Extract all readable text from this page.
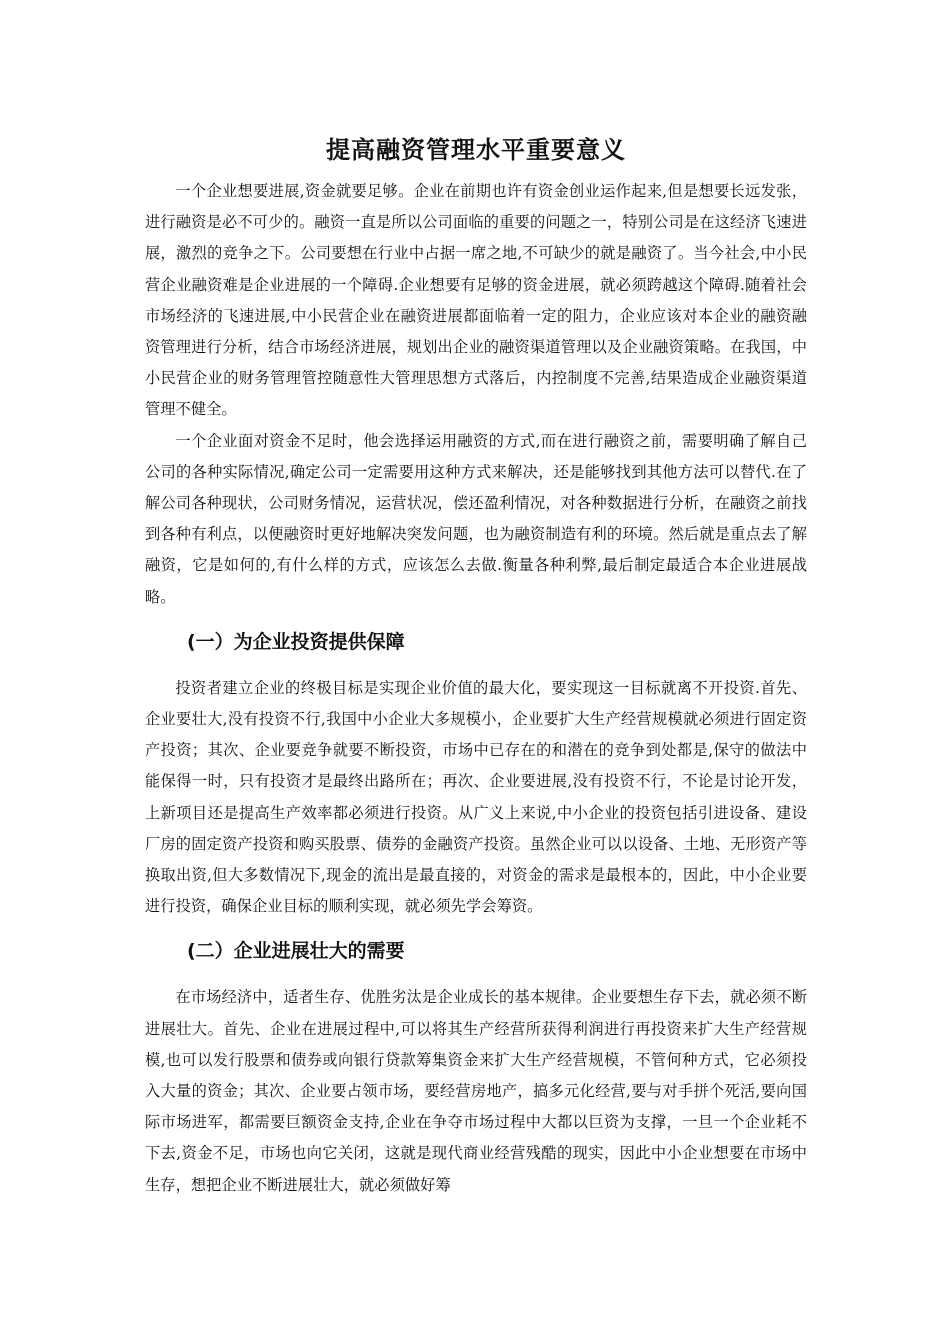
提高融资管理水平重要意义

一个企业想要进展,资金就要足够。企业在前期也许有资金创业运作起来,但是想要长远发张，进行融资是必不可少的。融资一直是所以公司面临的重要的问题之一，特别公司是在这经济飞速进展，激烈的竞争之下。公司要想在行业中占据一席之地,不可缺少的就是融资了。当今社会,中小民营企业融资难是企业进展的一个障碍.企业想要有足够的资金进展，就必须跨越这个障碍.随着社会市场经济的飞速进展,中小民营企业在融资进展都面临着一定的阻力，企业应该对本企业的融资融资管理进行分析，结合市场经济进展，规划出企业的融资渠道管理以及企业融资策略。在我国，中小民营企业的财务管理管控随意性大管理思想方式落后，内控制度不完善,结果造成企业融资渠道管理不健全。

一个企业面对资金不足时，他会选择运用融资的方式,而在进行融资之前，需要明确了解自己公司的各种实际情况,确定公司一定需要用这种方式来解决，还是能够找到其他方法可以替代.在了解公司各种现状，公司财务情况，运营状况，偿还盈利情况，对各种数据进行分析，在融资之前找到各种有利点，以便融资时更好地解决突发问题，也为融资制造有利的环境。然后就是重点去了解融资，它是如何的,有什么样的方式，应该怎么去做.衡量各种利弊,最后制定最适合本企业进展战略。

(一）为企业投资提供保障

投资者建立企业的终极目标是实现企业价值的最大化，要实现这一目标就离不开投资.首先、企业要壮大,没有投资不行,我国中小企业大多规模小，企业要扩大生产经营规模就必须进行固定资产投资；其次、企业要竞争就要不断投资，市场中已存在的和潜在的竞争到处都是,保守的做法中能保得一时，只有投资才是最终出路所在；再次、企业要进展,没有投资不行，不论是讨论开发，上新项目还是提高生产效率都必须进行投资。从广义上来说,中小企业的投资包括引进设备、建设厂房的固定资产投资和购买股票、债券的金融资产投资。虽然企业可以以设备、土地、无形资产等换取出资,但大多数情况下,现金的流出是最直接的，对资金的需求是最根本的，因此，中小企业要进行投资，确保企业目标的顺利实现，就必须先学会筹资。

(二）企业进展壮大的需要

在市场经济中，适者生存、优胜劣汰是企业成长的基本规律。企业要想生存下去，就必须不断进展壮大。首先、企业在进展过程中,可以将其生产经营所获得利润进行再投资来扩大生产经营规模,也可以发行股票和债券或向银行贷款筹集资金来扩大生产经营规模，不管何种方式，它必须投入大量的资金；其次、企业要占领市场，要经营房地产，搞多元化经营,要与对手拼个死活,要向国际市场进军，都需要巨额资金支持,企业在争夺市场过程中大都以巨资为支撑，一旦一个企业耗不下去,资金不足，市场也向它关闭，这就是现代商业经营残酷的现实，因此中小企业想要在市场中生存，想把企业不断进展壮大，就必须做好筹
